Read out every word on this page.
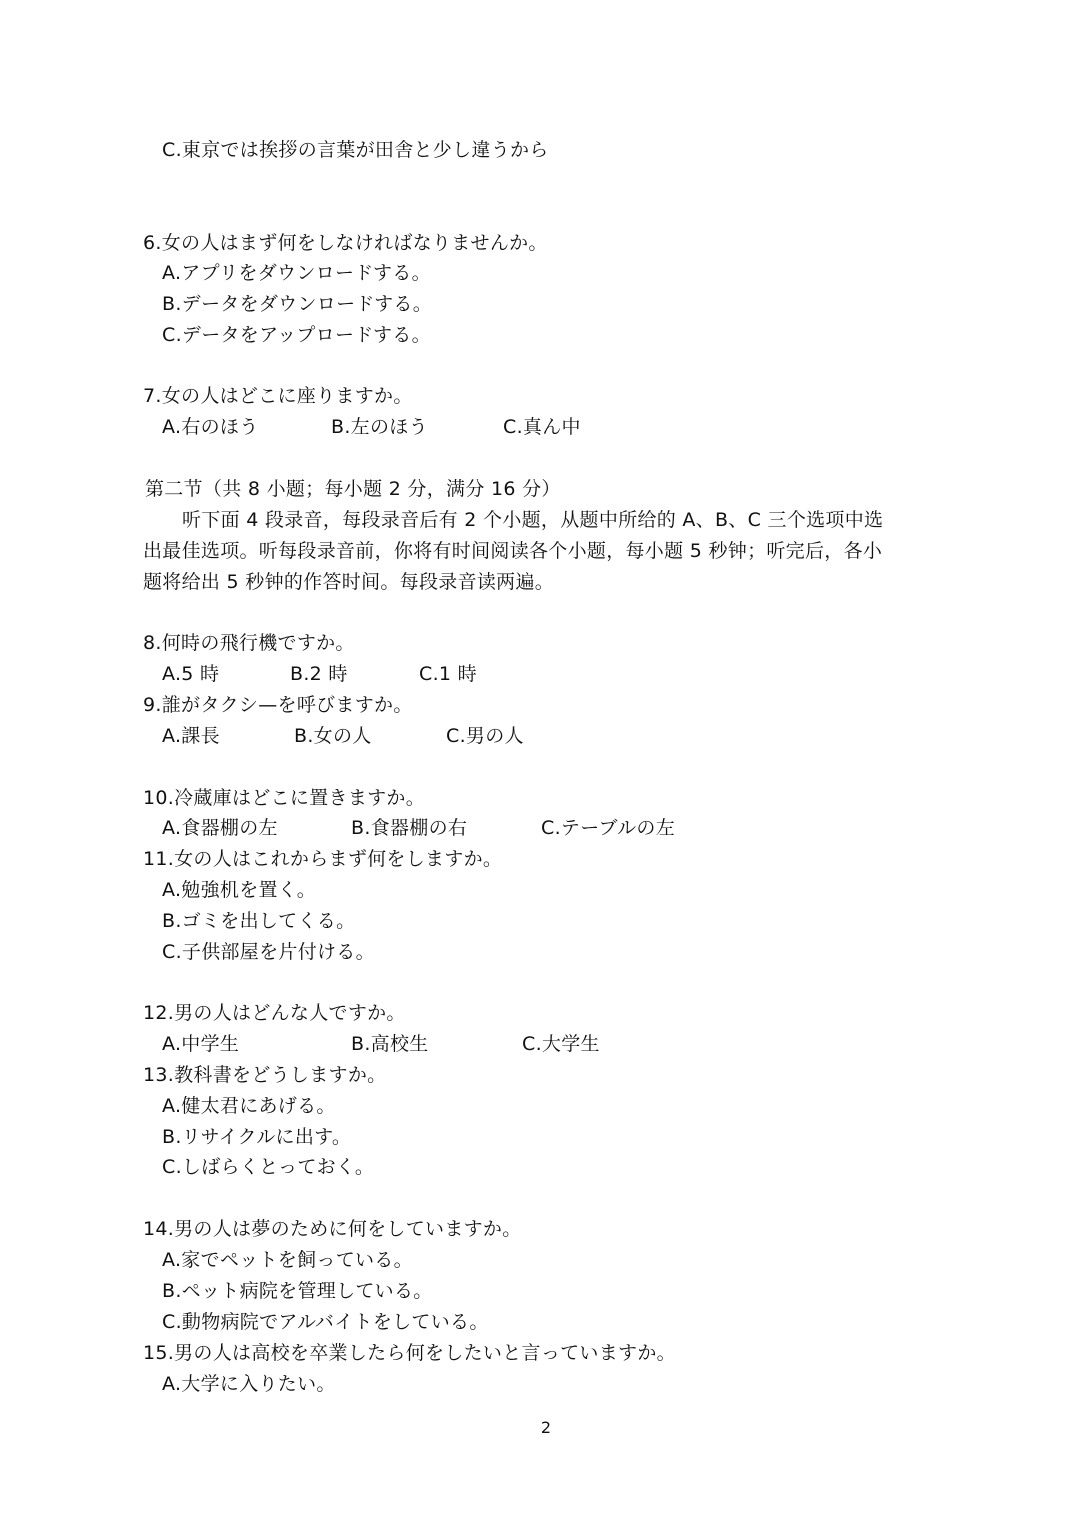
C.東京では挨拶の言葉が田舎と少し違うから
6.女の人はまず何をしなければなりませんか。
A.アプリをダウンロードする。
B.データをダウンロードする。
C.データをアップロードする。
7.女の人はどこに座りますか。
A.右のほう	B.左のほう	C.真ん中
第二节（共 8 小题；每小题 2 分，满分 16 分）
听下面 4 段录音，每段录音后有 2 个小题，从题中所给的 A、B、C 三个选项中选
出最佳选项。听每段录音前，你将有时间阅读各个小题，每小题 5 秒钟；听完后，各小
题将给出 5 秒钟的作答时间。每段录音读两遍。
8.何時の飛行機ですか。
A.5 時	B.2 時	C.1 時
9.誰がタクシ—を呼びますか。
A.課長	B.女の人	C.男の人
10.冷蔵庫はどこに置きますか。
A.食器棚の左	B.食器棚の右	C.テーブルの左
11.女の人はこれからまず何をしますか。
A.勉強机を置く。
B.ゴミを出してくる。
C.子供部屋を片付ける。
12.男の人はどんな人ですか。
A.中学生	B.高校生	C.大学生
13.教科書をどうしますか。
A.健太君にあげる。
B.リサイクルに出す。
C.しばらくとっておく。
14.男の人は夢のために何をしていますか。
A.家でペットを飼っている。
B.ペット病院を管理している。
C.動物病院でアルバイトをしている。
15.男の人は高校を卒業したら何をしたいと言っていますか。
A.大学に入りたい。
2
